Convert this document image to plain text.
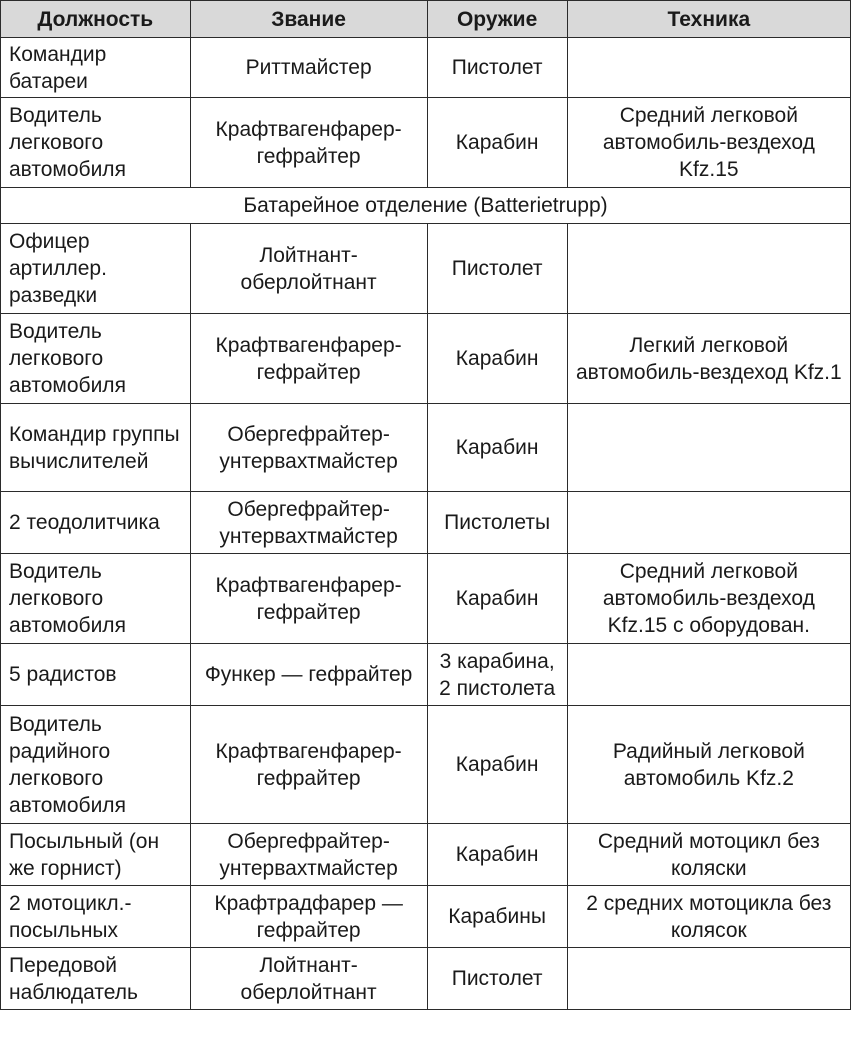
Должность	Звание	Оружие	Техника
Командир батареи	Риттмайстер	Пистолет	
Водитель легкового автомобиля	Крафтвагенфарер-гефрайтер	Карабин	Средний легковой автомобиль-вездеход Kfz.15
Батарейное отделение (Batterietrupp)			
Офицер артиллер. разведки	Лойтнант-оберлойтнант	Пистолет	
Водитель легкового автомобиля	Крафтвагенфарер-гефрайтер	Карабин	Легкий легковой автомобиль-вездеход Kfz.1
Командир группы вычислителей	Обергефрайтер-унтервахтмайстер	Карабин	
2 теодолитчика	Обергефрайтер-унтервахтмайстер	Пистолеты	
Водитель легкового автомобиля	Крафтвагенфарер-гефрайтер	Карабин	Средний легковой автомобиль-вездеход Kfz.15 с оборудован.
5 радистов	Функер — гефрайтер	3 карабина, 2 пистолета	
Водитель радийного легкового автомобиля	Крафтвагенфарер-гефрайтер	Карабин	Радийный легковой автомобиль Kfz.2
Посыльный (он же горнист)	Обергефрайтер-унтервахтмайстер	Карабин	Средний мотоцикл без коляски
2 мотоцикл.-посыльных	Крафтрадфарер — гефрайтер	Карабины	2 средних мотоцикла без колясок
Передовой наблюдатель	Лойтнант-оберлойтнант	Пистолет	
